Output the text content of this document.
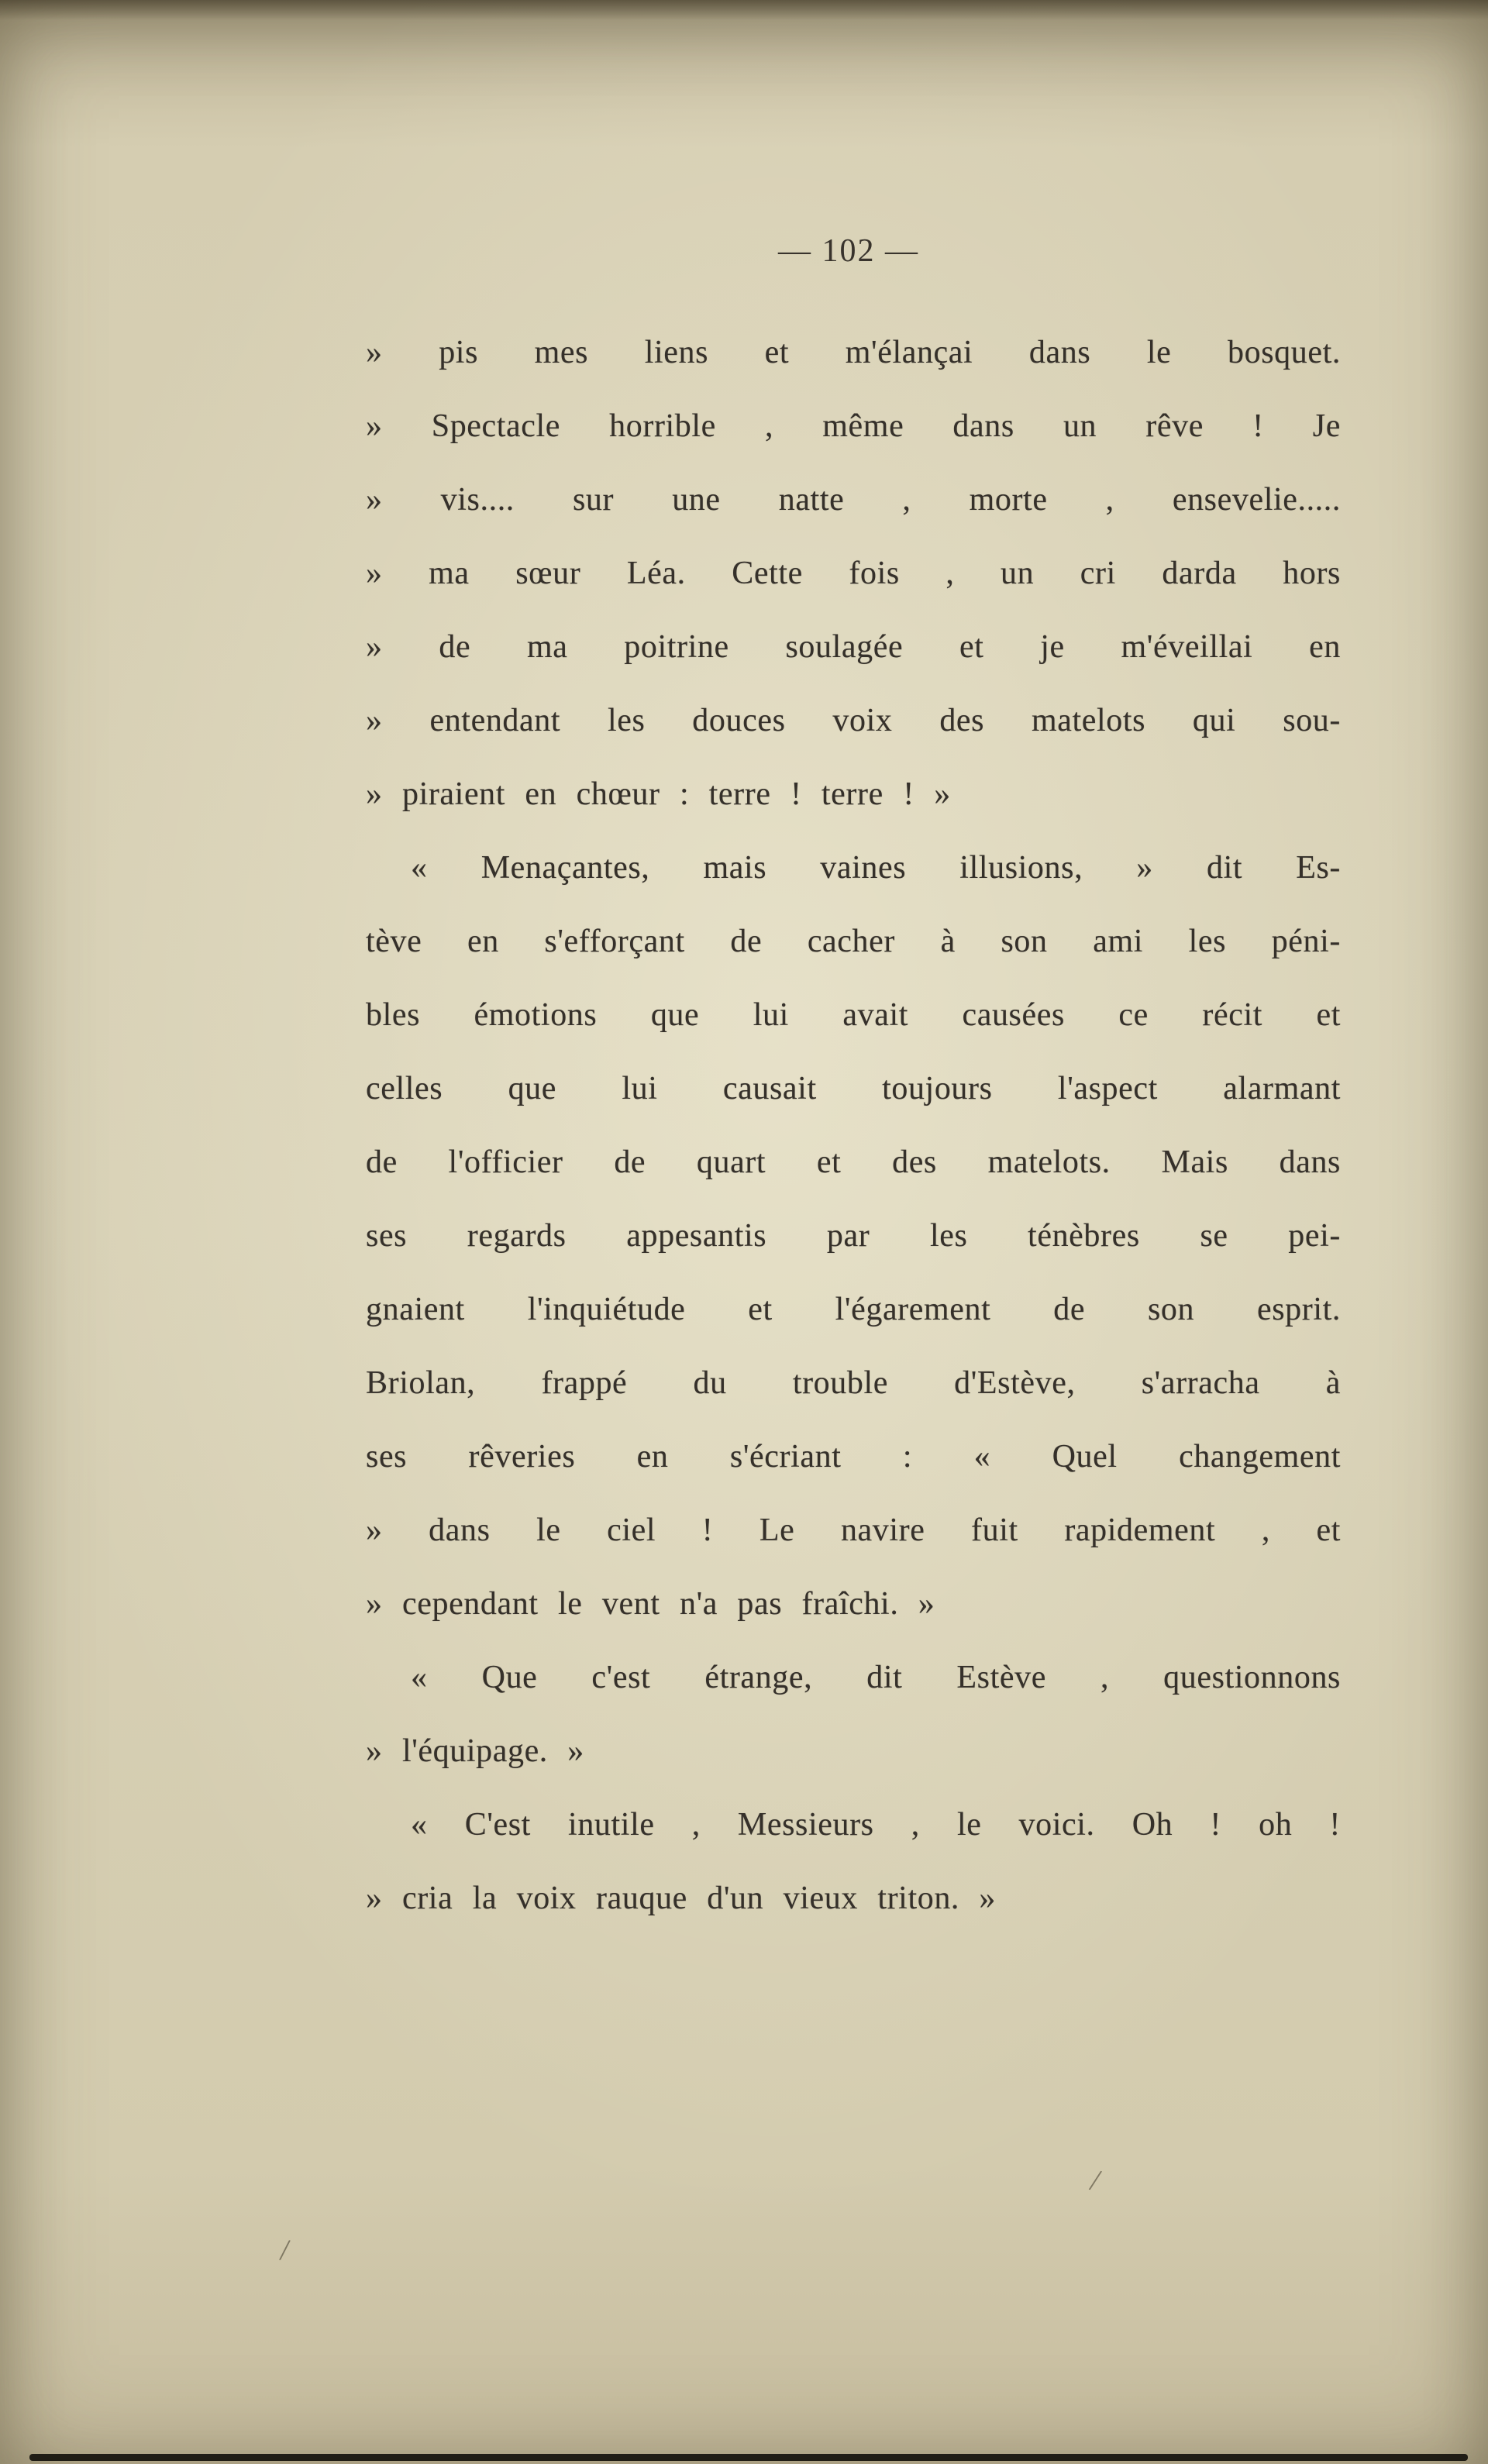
— 102 —
» pis mes liens et m'élançai dans le bosquet.
» Spectacle horrible , même dans un rêve ! Je
» vis.... sur une natte , morte , ensevelie.....
» ma sœur Léa. Cette fois , un cri darda hors
» de ma poitrine soulagée et je m'éveillai en
» entendant les douces voix des matelots qui sou-
» piraient en chœur : terre ! terre ! »
« Menaçantes, mais vaines illusions, » dit Es-
tève en s'efforçant de cacher à son ami les péni-
bles émotions que lui avait causées ce récit et
celles que lui causait toujours l'aspect alarmant
de l'officier de quart et des matelots. Mais dans
ses regards appesantis par les ténèbres se pei-
gnaient l'inquiétude et l'égarement de son esprit.
Briolan, frappé du trouble d'Estève, s'arracha à
ses rêveries en s'écriant : « Quel changement
» dans le ciel ! Le navire fuit rapidement , et
» cependant le vent n'a pas fraîchi. »
« Que c'est étrange, dit Estève , questionnons
» l'équipage. »
« C'est inutile , Messieurs , le voici. Oh ! oh !
» cria la voix rauque d'un vieux triton. »
/
/
